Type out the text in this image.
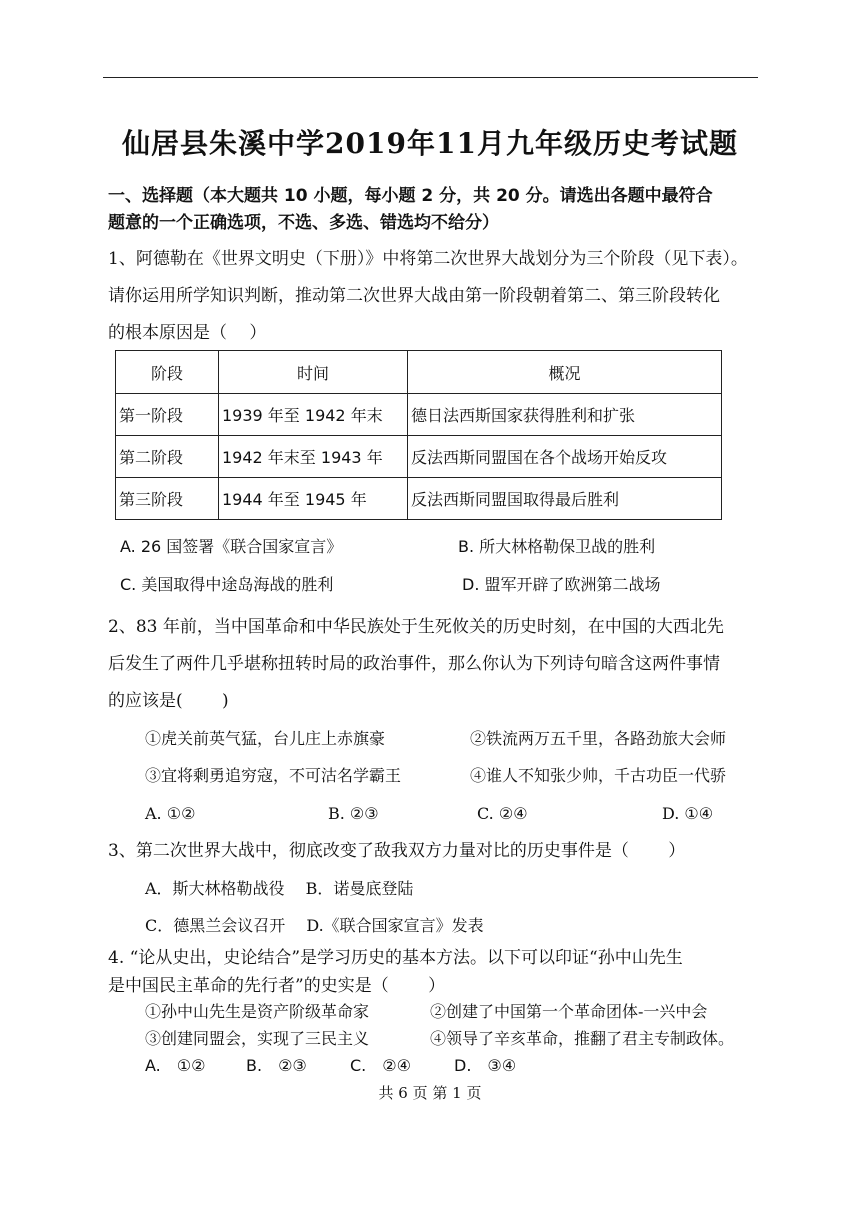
仙居县朱溪中学2019年11月九年级历史考试题
一、选择题（本大题共 10 小题，每小题 2 分，共 20 分。请选出各题中最符合
题意的一个正确选项，不选、多选、错选均不给分）
1、阿德勒在《世界文明史（下册）》中将第二次世界大战划分为三个阶段（见下表）。
请你运用所学知识判断，推动第二次世界大战由第一阶段朝着第二、第三阶段转化
的根本原因是（　 ）
阶段	时间	概况
第一阶段	1939 年至 1942 年末	德日法西斯国家获得胜利和扩张
第二阶段	1942 年末至 1943 年	反法西斯同盟国在各个战场开始反攻
第三阶段	1944 年至 1945 年	反法西斯同盟国取得最后胜利
A. 26 国签署《联合国家宣言》	B. 所大林格勒保卫战的胜利
C. 美国取得中途岛海战的胜利	D. 盟军开辟了欧洲第二战场
2、83 年前，当中国革命和中华民族处于生死攸关的历史时刻，在中国的大西北先
后发生了两件几乎堪称扭转时局的政治事件，那么你认为下列诗句暗含这两件事情
的应该是(　　 )
①虎关前英气猛，台儿庄上赤旗豪	②铁流两万五千里，各路劲旅大会师
③宜将剩勇追穷寇，不可沽名学霸王	④谁人不知张少帅，千古功臣一代骄
A. ①②	B. ②③	C. ②④	D. ①④
3、第二次世界大战中，彻底改变了敌我双方力量对比的历史事件是（　　 ）
A．斯大林格勒战役　 B．诺曼底登陆
C．德黑兰会议召开　 D.《联合国家宣言》发表
4. “论从史出，史论结合”是学习历史的基本方法。以下可以印证“孙中山先生
是中国民主革命的先行者”的史实是（　　 ）
①孙中山先生是资产阶级革命家	②创建了中国第一个革命团体-一兴中会
③创建同盟会，实现了三民主义	④领导了辛亥革命，推翻了君主专制政体。
A.　①②	B.　②③	C.　②④	D.　③④
共 6 页 第 1 页
